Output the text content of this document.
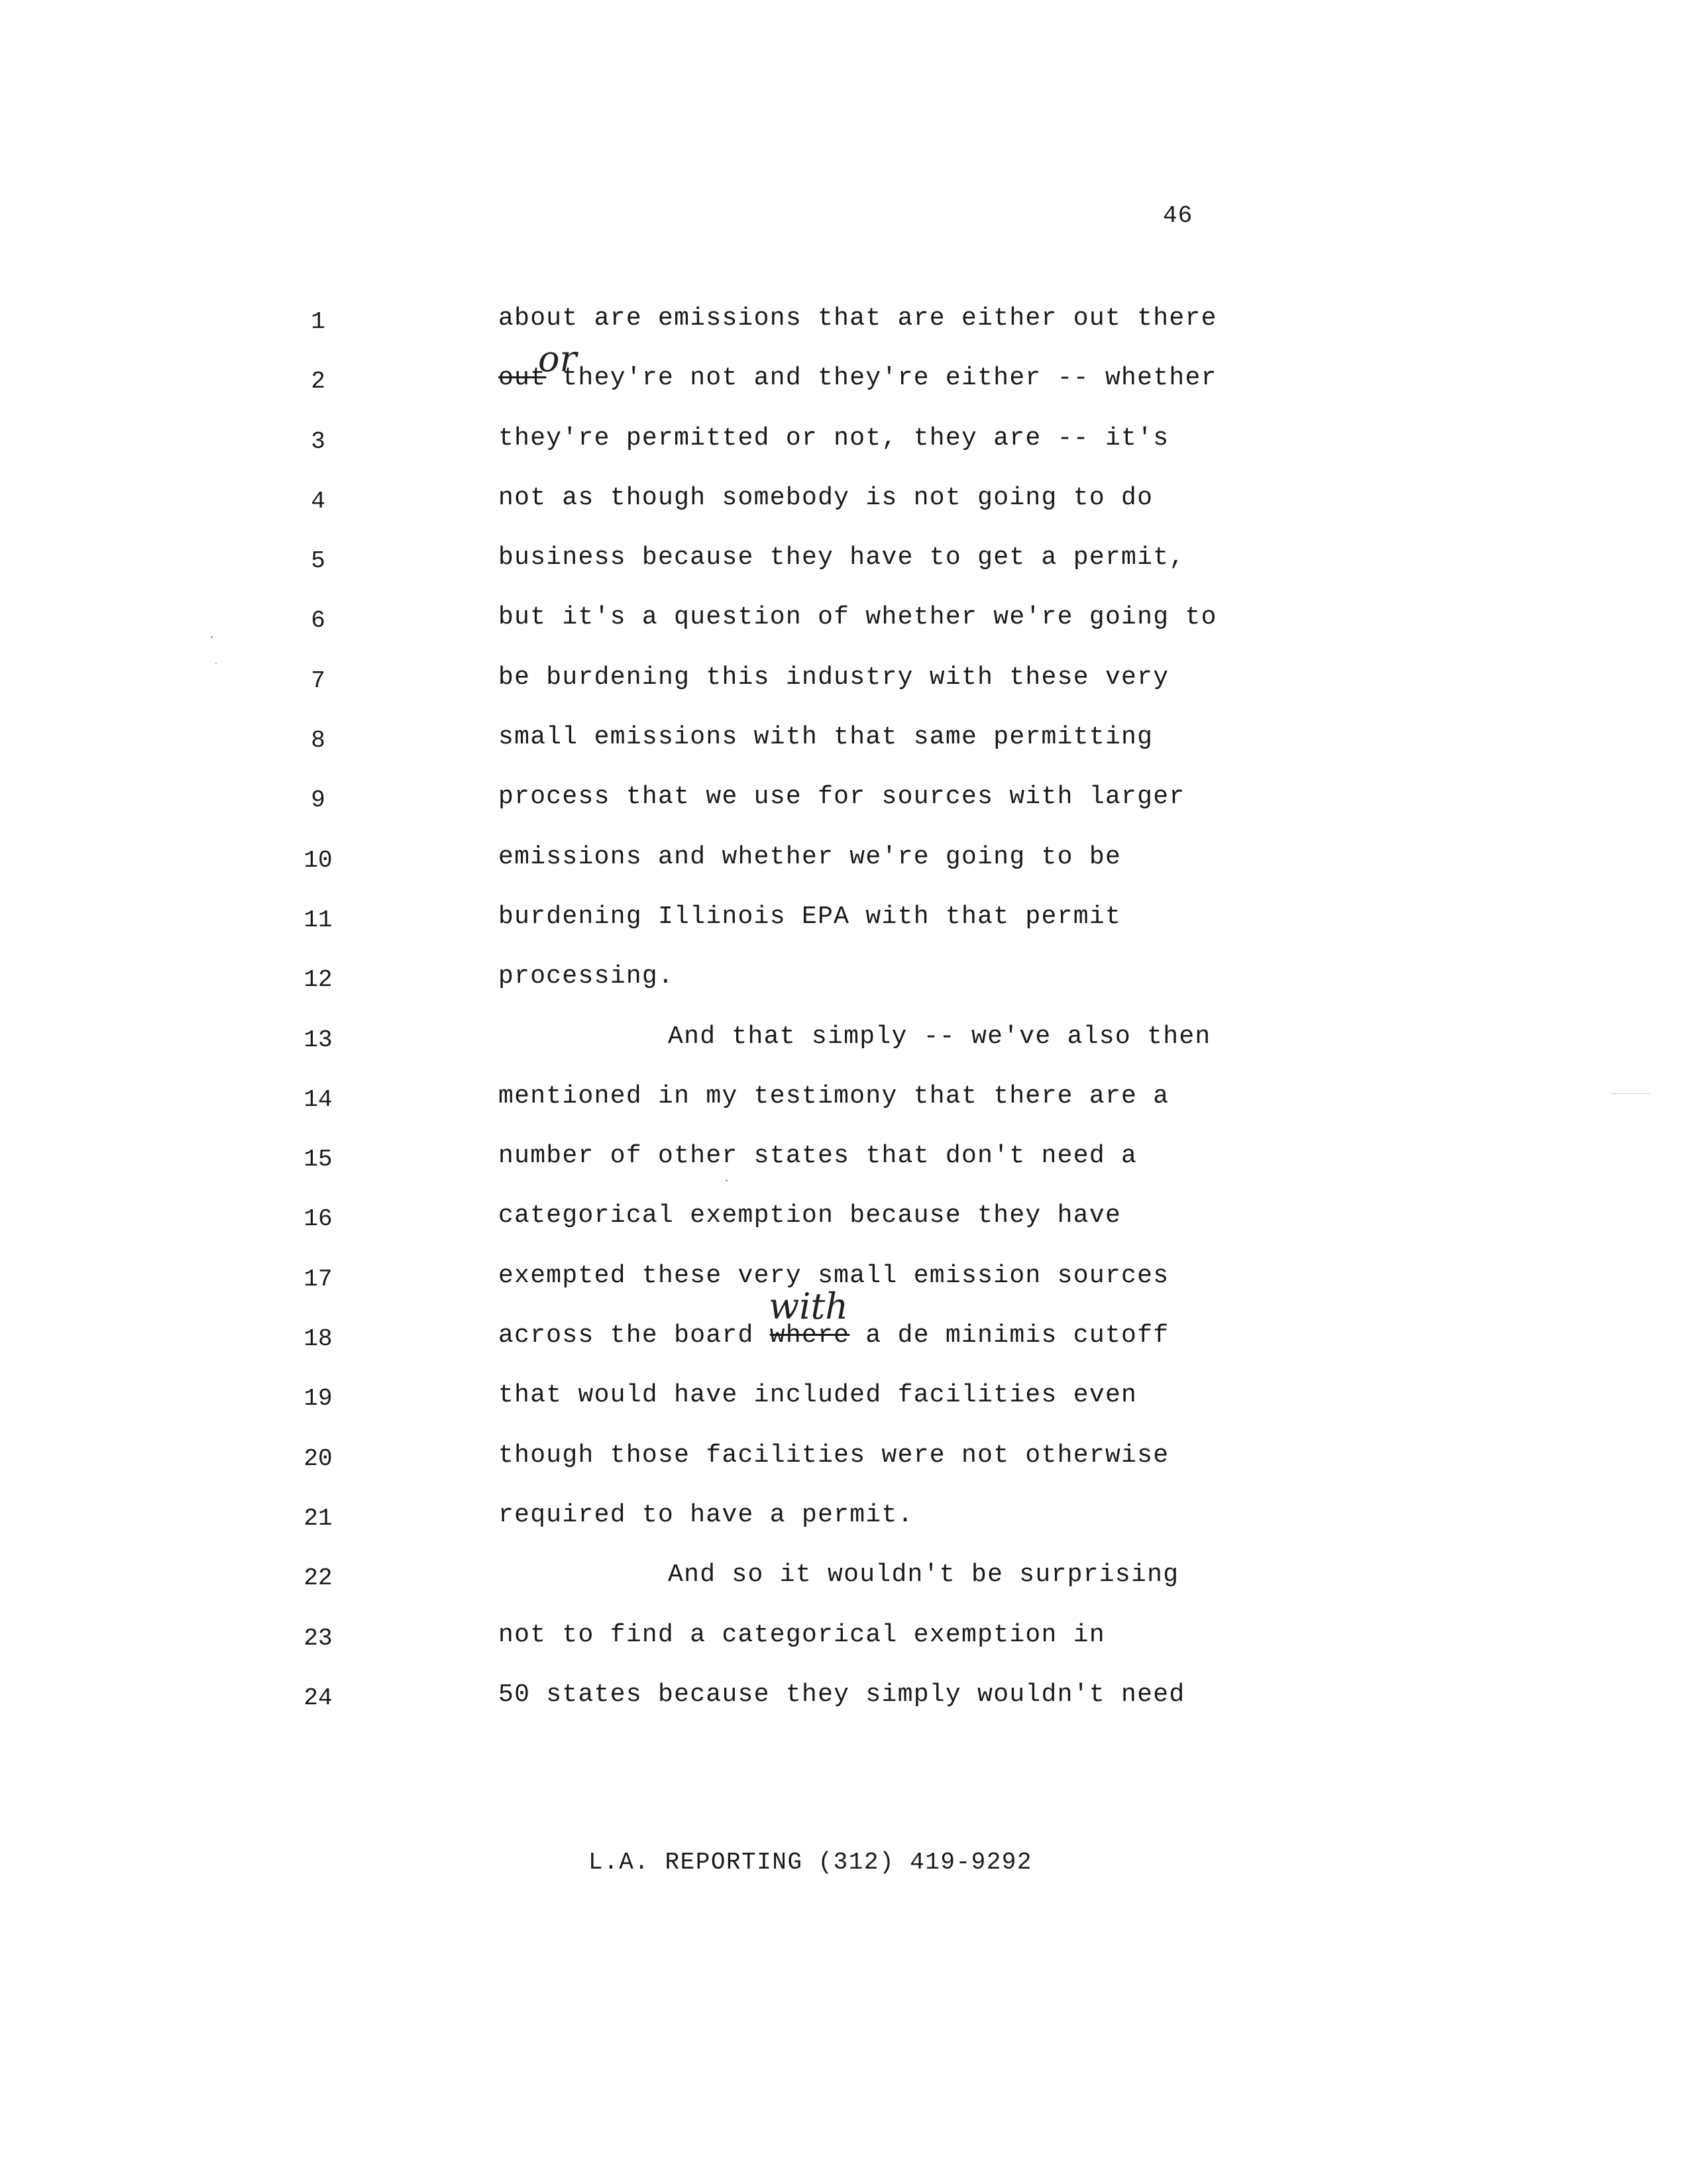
46
or
with
1	about are emissions that are either out there
2	out they're not and they're either -- whether
3	they're permitted or not, they are -- it's
4	not as though somebody is not going to do
5	business because they have to get a permit,
6	but it's a question of whether we're going to
7	be burdening this industry with these very
8	small emissions with that same permitting
9	process that we use for sources with larger
10	emissions and whether we're going to be
11	burdening Illinois EPA with that permit
12	processing.
13	And that simply -- we've also then
14	mentioned in my testimony that there are a
15	number of other states that don't need a
16	categorical exemption because they have
17	exempted these very small emission sources
18	across the board where a de minimis cutoff
19	that would have included facilities even
20	though those facilities were not otherwise
21	required to have a permit.
22	And so it wouldn't be surprising
23	not to find a categorical exemption in
24	50 states because they simply wouldn't need
L.A. REPORTING (312) 419-9292
